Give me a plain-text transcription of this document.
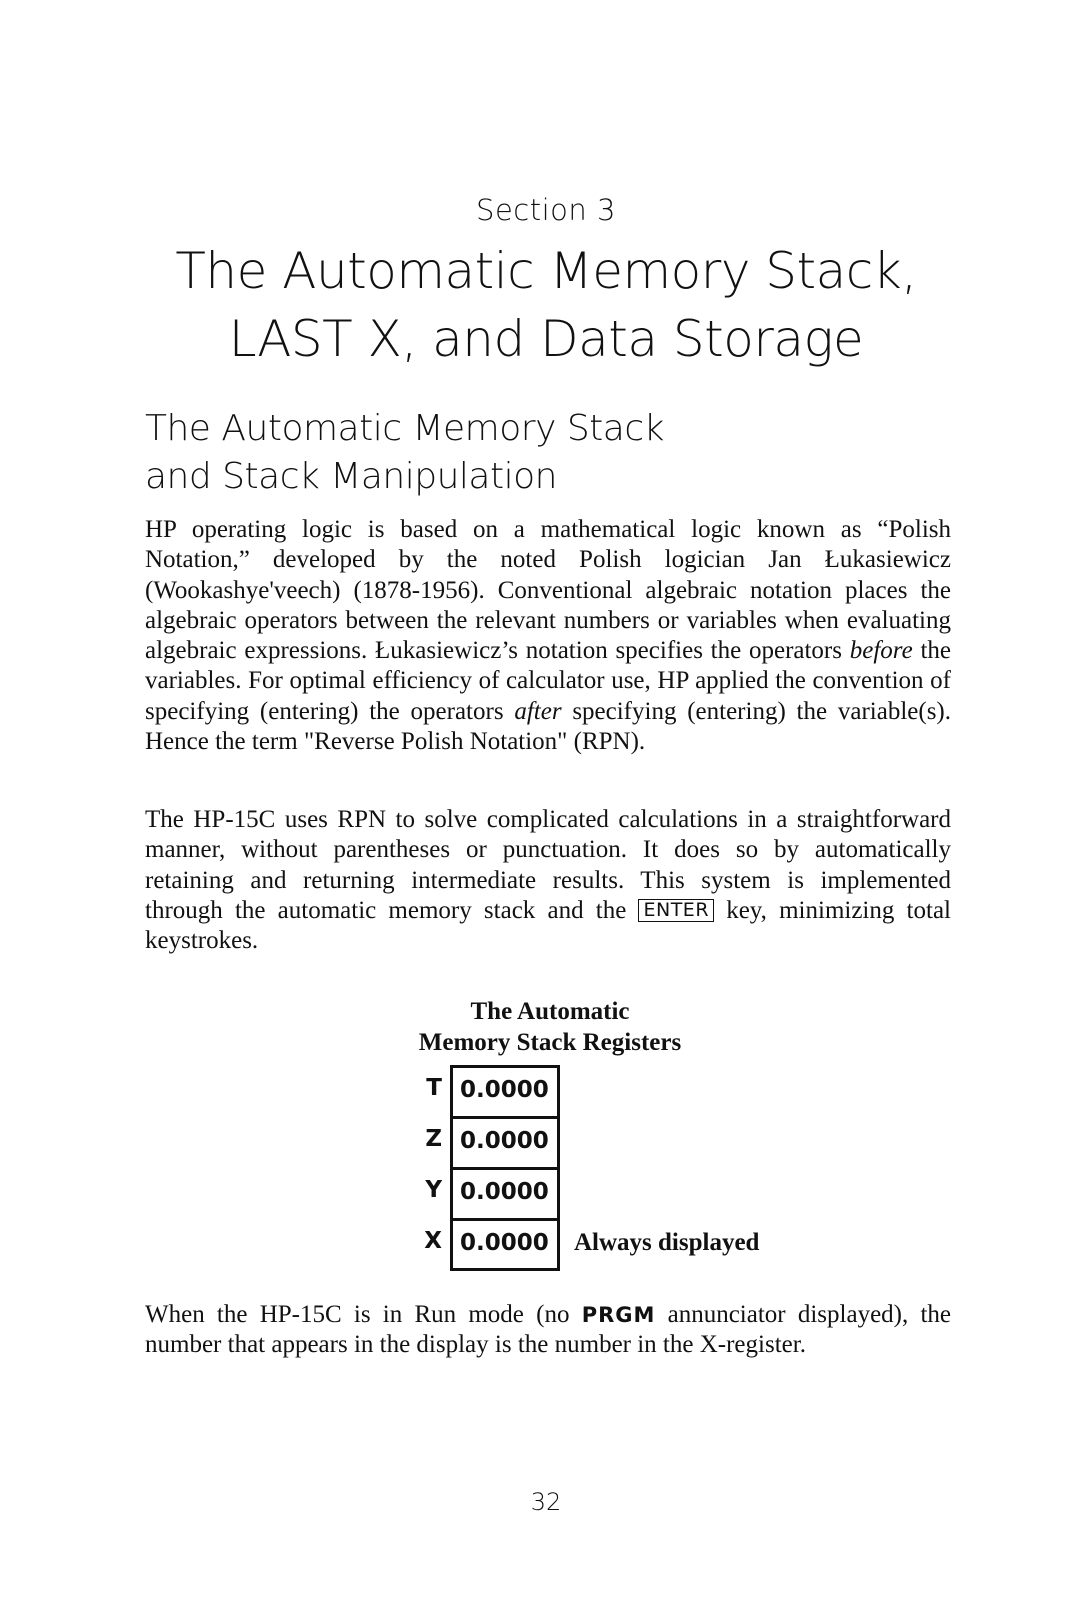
Section 3
The Automatic Memory Stack,
LAST X, and Data Storage
The Automatic Memory Stack
and Stack Manipulation

HP operating logic is based on a mathematical logic known as “Polish Notation,” developed by the noted Polish logician Jan Łukasiewicz (Wookashye'veech) (1878-1956). Conventional algebraic notation places the algebraic operators between the relevant numbers or variables when evaluating algebraic expressions. Łukasiewicz’s notation specifies the operators before the variables. For optimal efficiency of calculator use, HP applied the convention of specifying (entering) the operators after specifying (entering) the variable(s). Hence the term "Reverse Polish Notation" (RPN).

The HP-15C uses RPN to solve complicated calculations in a straightforward manner, without parentheses or punctuation. It does so by automatically retaining and returning intermediate results. This system is implemented through the automatic memory stack and the ENTER key, minimizing total keystrokes.

The Automatic
Memory Stack Registers
T 0.0000
Z 0.0000
Y 0.0000
X 0.0000	Always displayed

When the HP-15C is in Run mode (no PRGM annunciator displayed), the number that appears in the display is the number in the X-register.

32
